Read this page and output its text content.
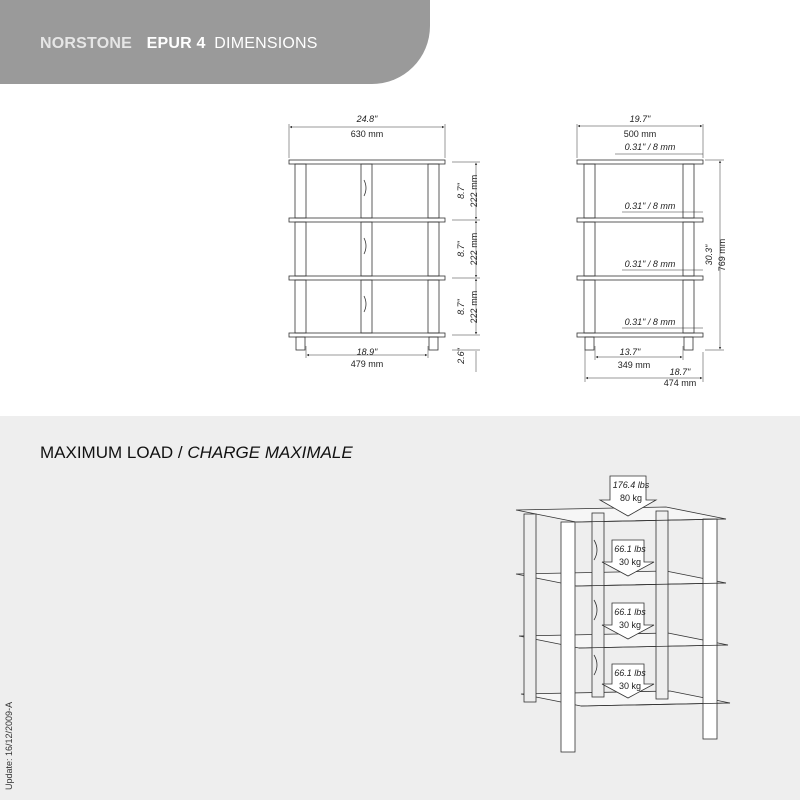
NORSTONE EPUR 4 DIMENSIONS
MAXIMUM LOAD / CHARGE MAXIMALE
Update: 16/12/2009-A
24.8"
630 mm
18.9"
479 mm
8.7" 222 mm
8.7" 222 mm
8.7" 222 mm
2.6"
19.7"
500 mm
0.31" / 8 mm
0.31" / 8 mm
0.31" / 8 mm
0.31" / 8 mm
30.3" 769 mm
13.7"
349 mm
18.7"
474 mm
176.4 lbs
80 kg
66.1 lbs
30 kg
66.1 lbs
30 kg
66.1 lbs
30 kg
